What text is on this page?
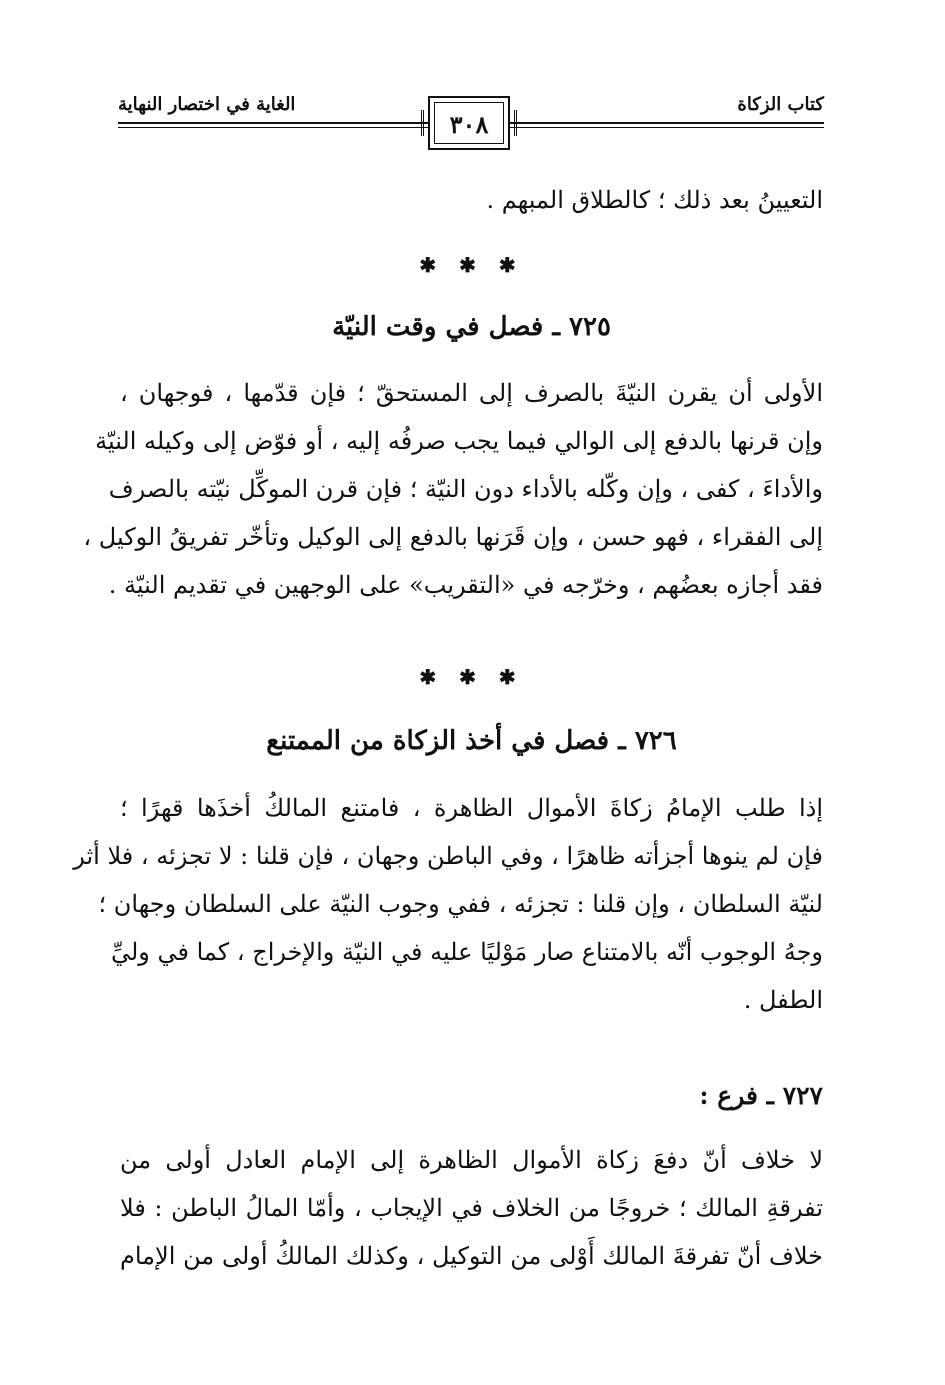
كتاب الزكاة
الغاية في اختصار النهاية
٣٠٨
التعيينُ بعد ذلك ؛ كالطلاق المبهم .
✱ ✱ ✱
٧٢٥ ـ فصل في وقت النيّة
الأولى أن يقرن النيّةَ بالصرف إلى المستحقّ ؛ فإن قدّمها ، فوجهان ،
وإن قرنها بالدفع إلى الوالي فيما يجب صرفُه إليه ، أو فوّض إلى وكيله النيّة
والأداءَ ، كفى ، وإن وكّله بالأداء دون النيّة ؛ فإن قرن الموكِّل نيّته بالصرف
إلى الفقراء ، فهو حسن ، وإن قَرَنها بالدفع إلى الوكيل وتأخّر تفريقُ الوكيل ،
فقد أجازه بعضُهم ، وخرّجه في «التقريب» على الوجهين في تقديم النيّة .
✱ ✱ ✱
٧٢٦ ـ فصل في أخذ الزكاة من الممتنع
إذا طلب الإمامُ زكاةَ الأموال الظاهرة ، فامتنع المالكُ أخذَها قهرًا ؛
فإن لم ينوها أجزأته ظاهرًا ، وفي الباطن وجهان ، فإن قلنا : لا تجزئه ، فلا أثر
لنيّة السلطان ، وإن قلنا : تجزئه ، ففي وجوب النيّة على السلطان وجهان ؛
وجهُ الوجوب أنّه بالامتناع صار مَوْليًا عليه في النيّة والإخراج ، كما في وليِّ
الطفل .
٧٢٧ ـ فرع :
لا خلاف أنّ دفعَ زكاة الأموال الظاهرة إلى الإمام العادل أولى من
تفرقةِ المالك ؛ خروجًا من الخلاف في الإيجاب ، وأمّا المالُ الباطن : فلا
خلاف أنّ تفرقةَ المالك أَوْلى من التوكيل ، وكذلك المالكُ أولى من الإمام
